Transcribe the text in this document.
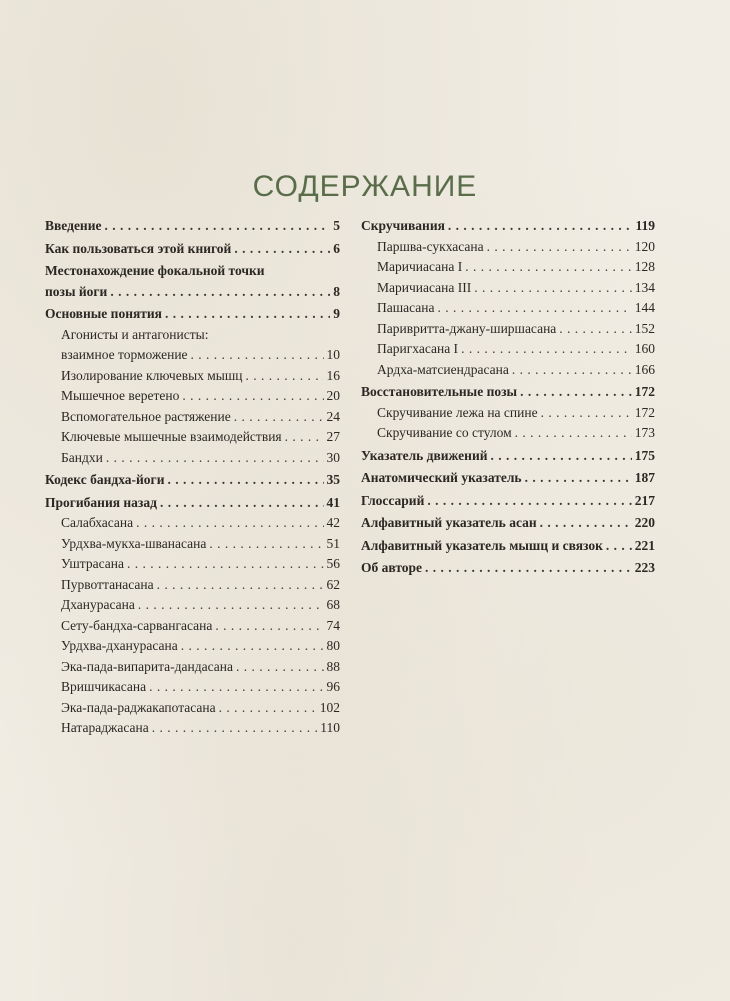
СОДЕРЖАНИЕ
Введение . . .	5
Как пользоваться этой книгой . . .	6
Местонахождение фокальной точки
позы йоги . . .	8
Основные понятия . . .	9
Агонисты и антагонисты:
взаимное торможение . . .	10
Изолирование ключевых мышц . . .	16
Мышечное веретено . . .	20
Вспомогательное растяжение . . .	24
Ключевые мышечные взаимодействия . . .	27
Бандхи . . .	30
Кодекс бандха-йоги . . .	35
Прогибания назад . . .	41
Салабхасана . . .	42
Урдхва-мукха-шванасана . . .	51
Уштрасана . . .	56
Пурвоттанасана . . .	62
Дханурасана . . .	68
Сету-бандха-сарвангасана . . .	74
Урдхва-дханурасана . . .	80
Эка-пада-випарита-дандасана . . .	88
Вришчикасана . . .	96
Эка-пада-раджакапотасана . . .	102
Натараджасана . . .	110
Скручивания . . .	119
Паршва-сукхасана . . .	120
Маричиасана I . . .	128
Маричиасана III . . .	134
Пашасана . . .	144
Паривритта-джану-ширшасана . . .	152
Паригхасана I . . .	160
Ардха-матсиендрасана . . .	166
Восстановительные позы . . .	172
Скручивание лежа на спине . . .	172
Скручивание со стулом . . .	173
Указатель движений . . .	175
Анатомический указатель . . .	187
Глоссарий . . .	217
Алфавитный указатель асан . . .	220
Алфавитный указатель мышц и связок . . . 221
Об авторе . . .	223
